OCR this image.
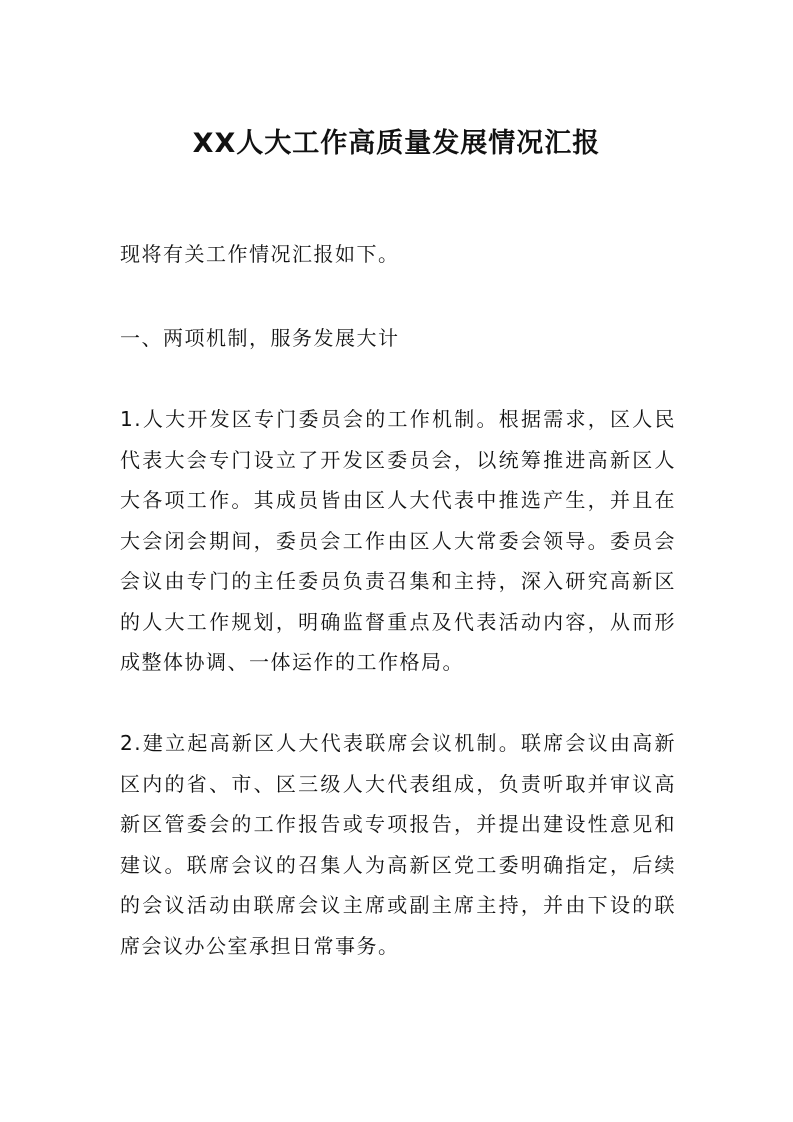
XX人大工作高质量发展情况汇报

现将有关工作情况汇报如下。

一、两项机制，服务发展大计

1.人大开发区专门委员会的工作机制。根据需求，区人民代表大会专门设立了开发区委员会，以统筹推进高新区人大各项工作。其成员皆由区人大代表中推选产生，并且在大会闭会期间，委员会工作由区人大常委会领导。委员会会议由专门的主任委员负责召集和主持，深入研究高新区的人大工作规划，明确监督重点及代表活动内容，从而形成整体协调、一体运作的工作格局。

2.建立起高新区人大代表联席会议机制。联席会议由高新区内的省、市、区三级人大代表组成，负责听取并审议高新区管委会的工作报告或专项报告，并提出建设性意见和建议。联席会议的召集人为高新区党工委明确指定，后续的会议活动由联席会议主席或副主席主持，并由下设的联席会议办公室承担日常事务。
